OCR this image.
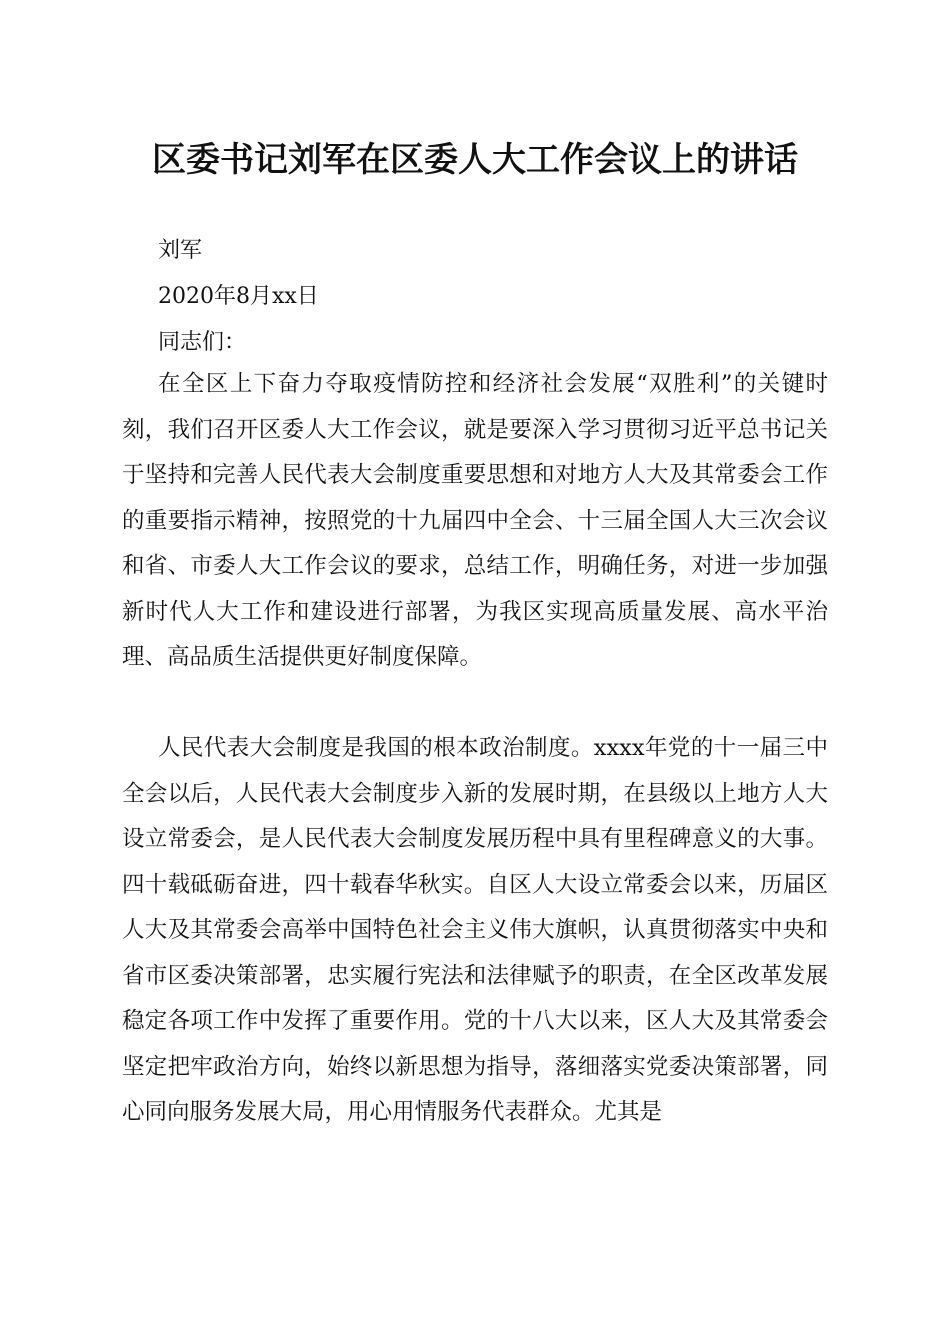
区委书记刘军在区委人大工作会议上的讲话
刘军
2020年8月xx日
同志们：
在全区上下奋力夺取疫情防控和经济社会发展“双胜利”的关键时刻，我们召开区委人大工作会议，就是要深入学习贯彻习近平总书记关于坚持和完善人民代表大会制度重要思想和对地方人大及其常委会工作的重要指示精神，按照党的十九届四中全会、十三届全国人大三次会议和省、市委人大工作会议的要求，总结工作，明确任务，对进一步加强新时代人大工作和建设进行部署，为我区实现高质量发展、高水平治理、高品质生活提供更好制度保障。
人民代表大会制度是我国的根本政治制度。xxxx年党的十一届三中全会以后，人民代表大会制度步入新的发展时期，在县级以上地方人大设立常委会，是人民代表大会制度发展历程中具有里程碑意义的大事。四十载砥砺奋进，四十载春华秋实。自区人大设立常委会以来，历届区人大及其常委会高举中国特色社会主义伟大旗帜，认真贯彻落实中央和省市区委决策部署，忠实履行宪法和法律赋予的职责，在全区改革发展稳定各项工作中发挥了重要作用。党的十八大以来，区人大及其常委会坚定把牢政治方向，始终以新思想为指导，落细落实党委决策部署，同心同向服务发展大局，用心用情服务代表群众。尤其是
